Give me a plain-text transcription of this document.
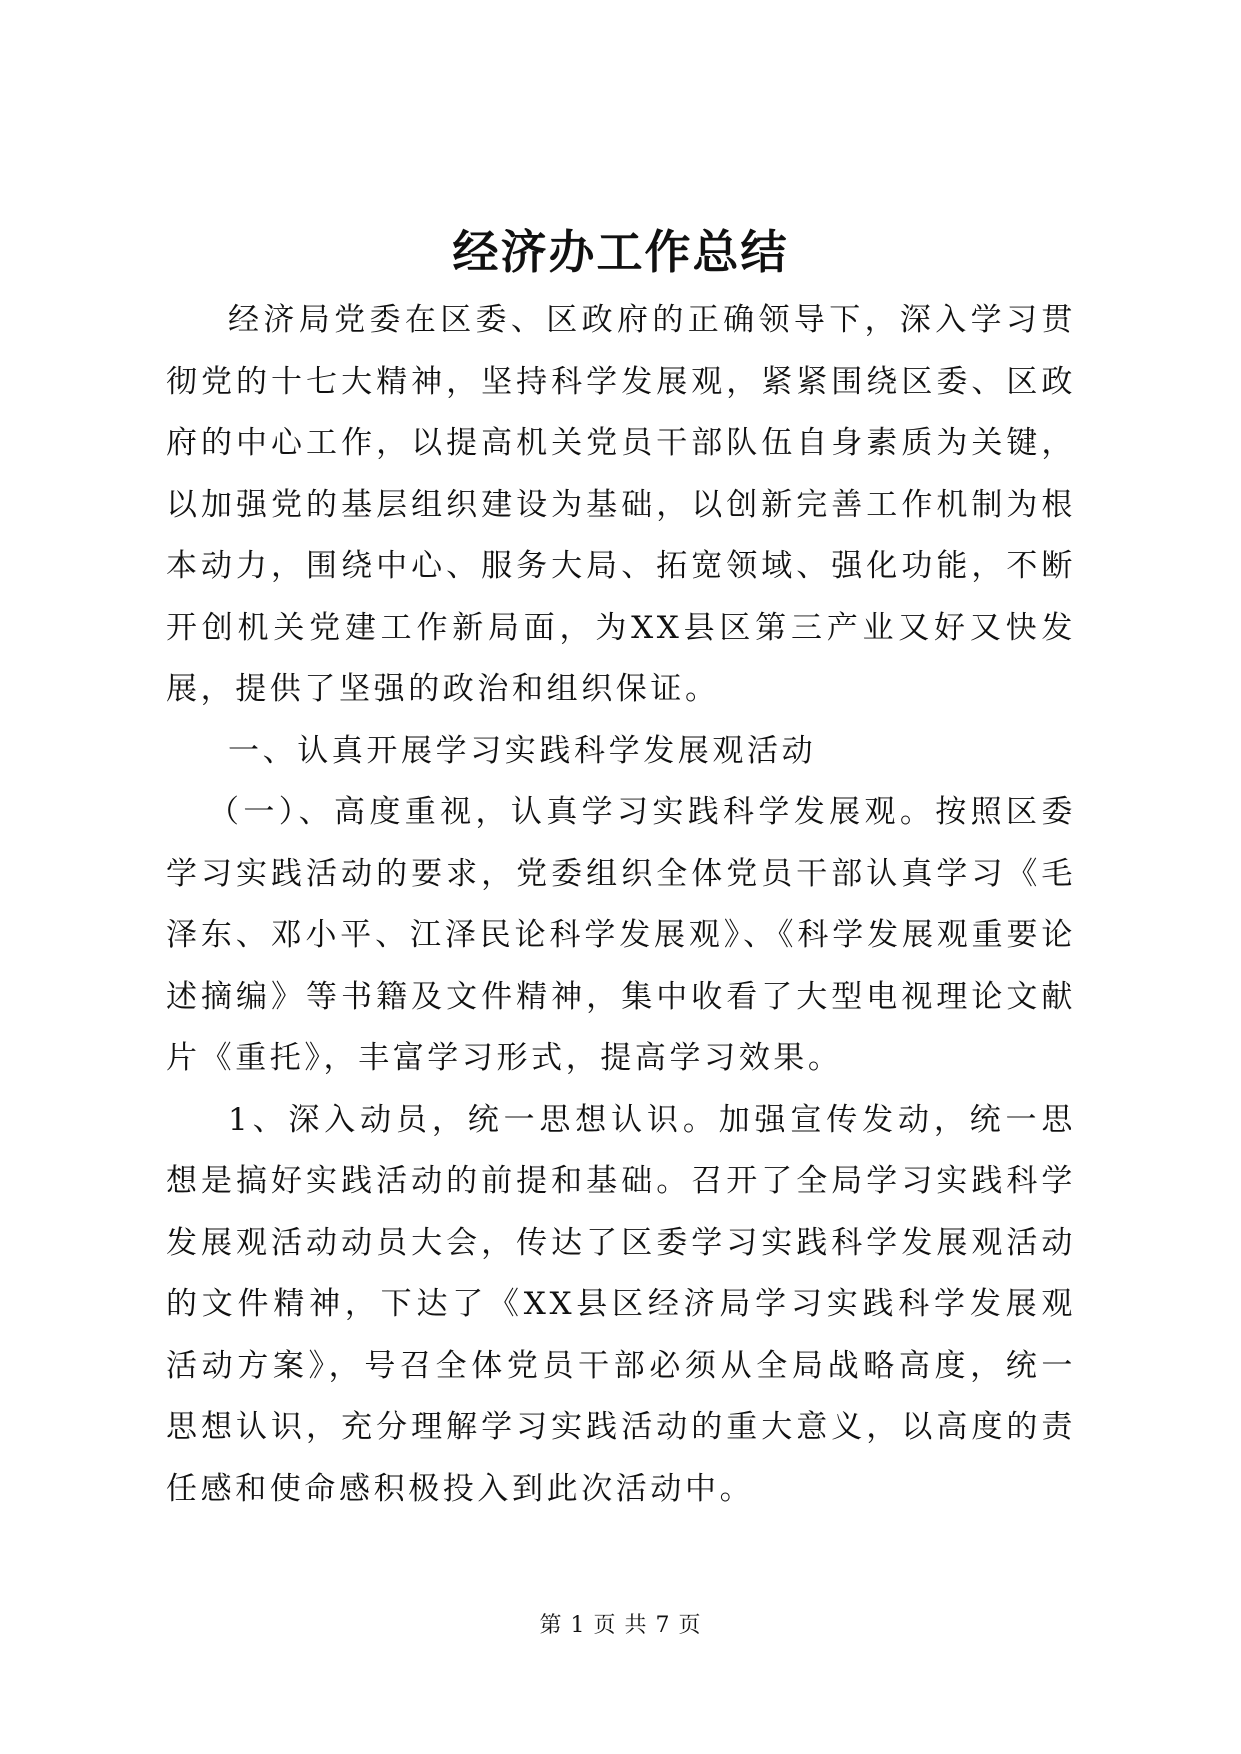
经济办工作总结

经济局党委在区委、区政府的正确领导下，深入学习贯彻党的十七大精神，坚持科学发展观，紧紧围绕区委、区政府的中心工作，以提高机关党员干部队伍自身素质为关键，以加强党的基层组织建设为基础，以创新完善工作机制为根本动力，围绕中心、服务大局、拓宽领域、强化功能，不断开创机关党建工作新局面，为XX县区第三产业又好又快发展，提供了坚强的政治和组织保证。

一、认真开展学习实践科学发展观活动

（一）、高度重视，认真学习实践科学发展观。按照区委学习实践活动的要求，党委组织全体党员干部认真学习《毛泽东、邓小平、江泽民论科学发展观》、《科学发展观重要论述摘编》等书籍及文件精神，集中收看了大型电视理论文献片《重托》，丰富学习形式，提高学习效果。

1、深入动员，统一思想认识。加强宣传发动，统一思想是搞好实践活动的前提和基础。召开了全局学习实践科学发展观活动动员大会，传达了区委学习实践科学发展观活动的文件精神，下达了《XX县区经济局学习实践科学发展观活动方案》，号召全体党员干部必须从全局战略高度，统一思想认识，充分理解学习实践活动的重大意义，以高度的责任感和使命感积极投入到此次活动中。

第 1 页 共 7 页
